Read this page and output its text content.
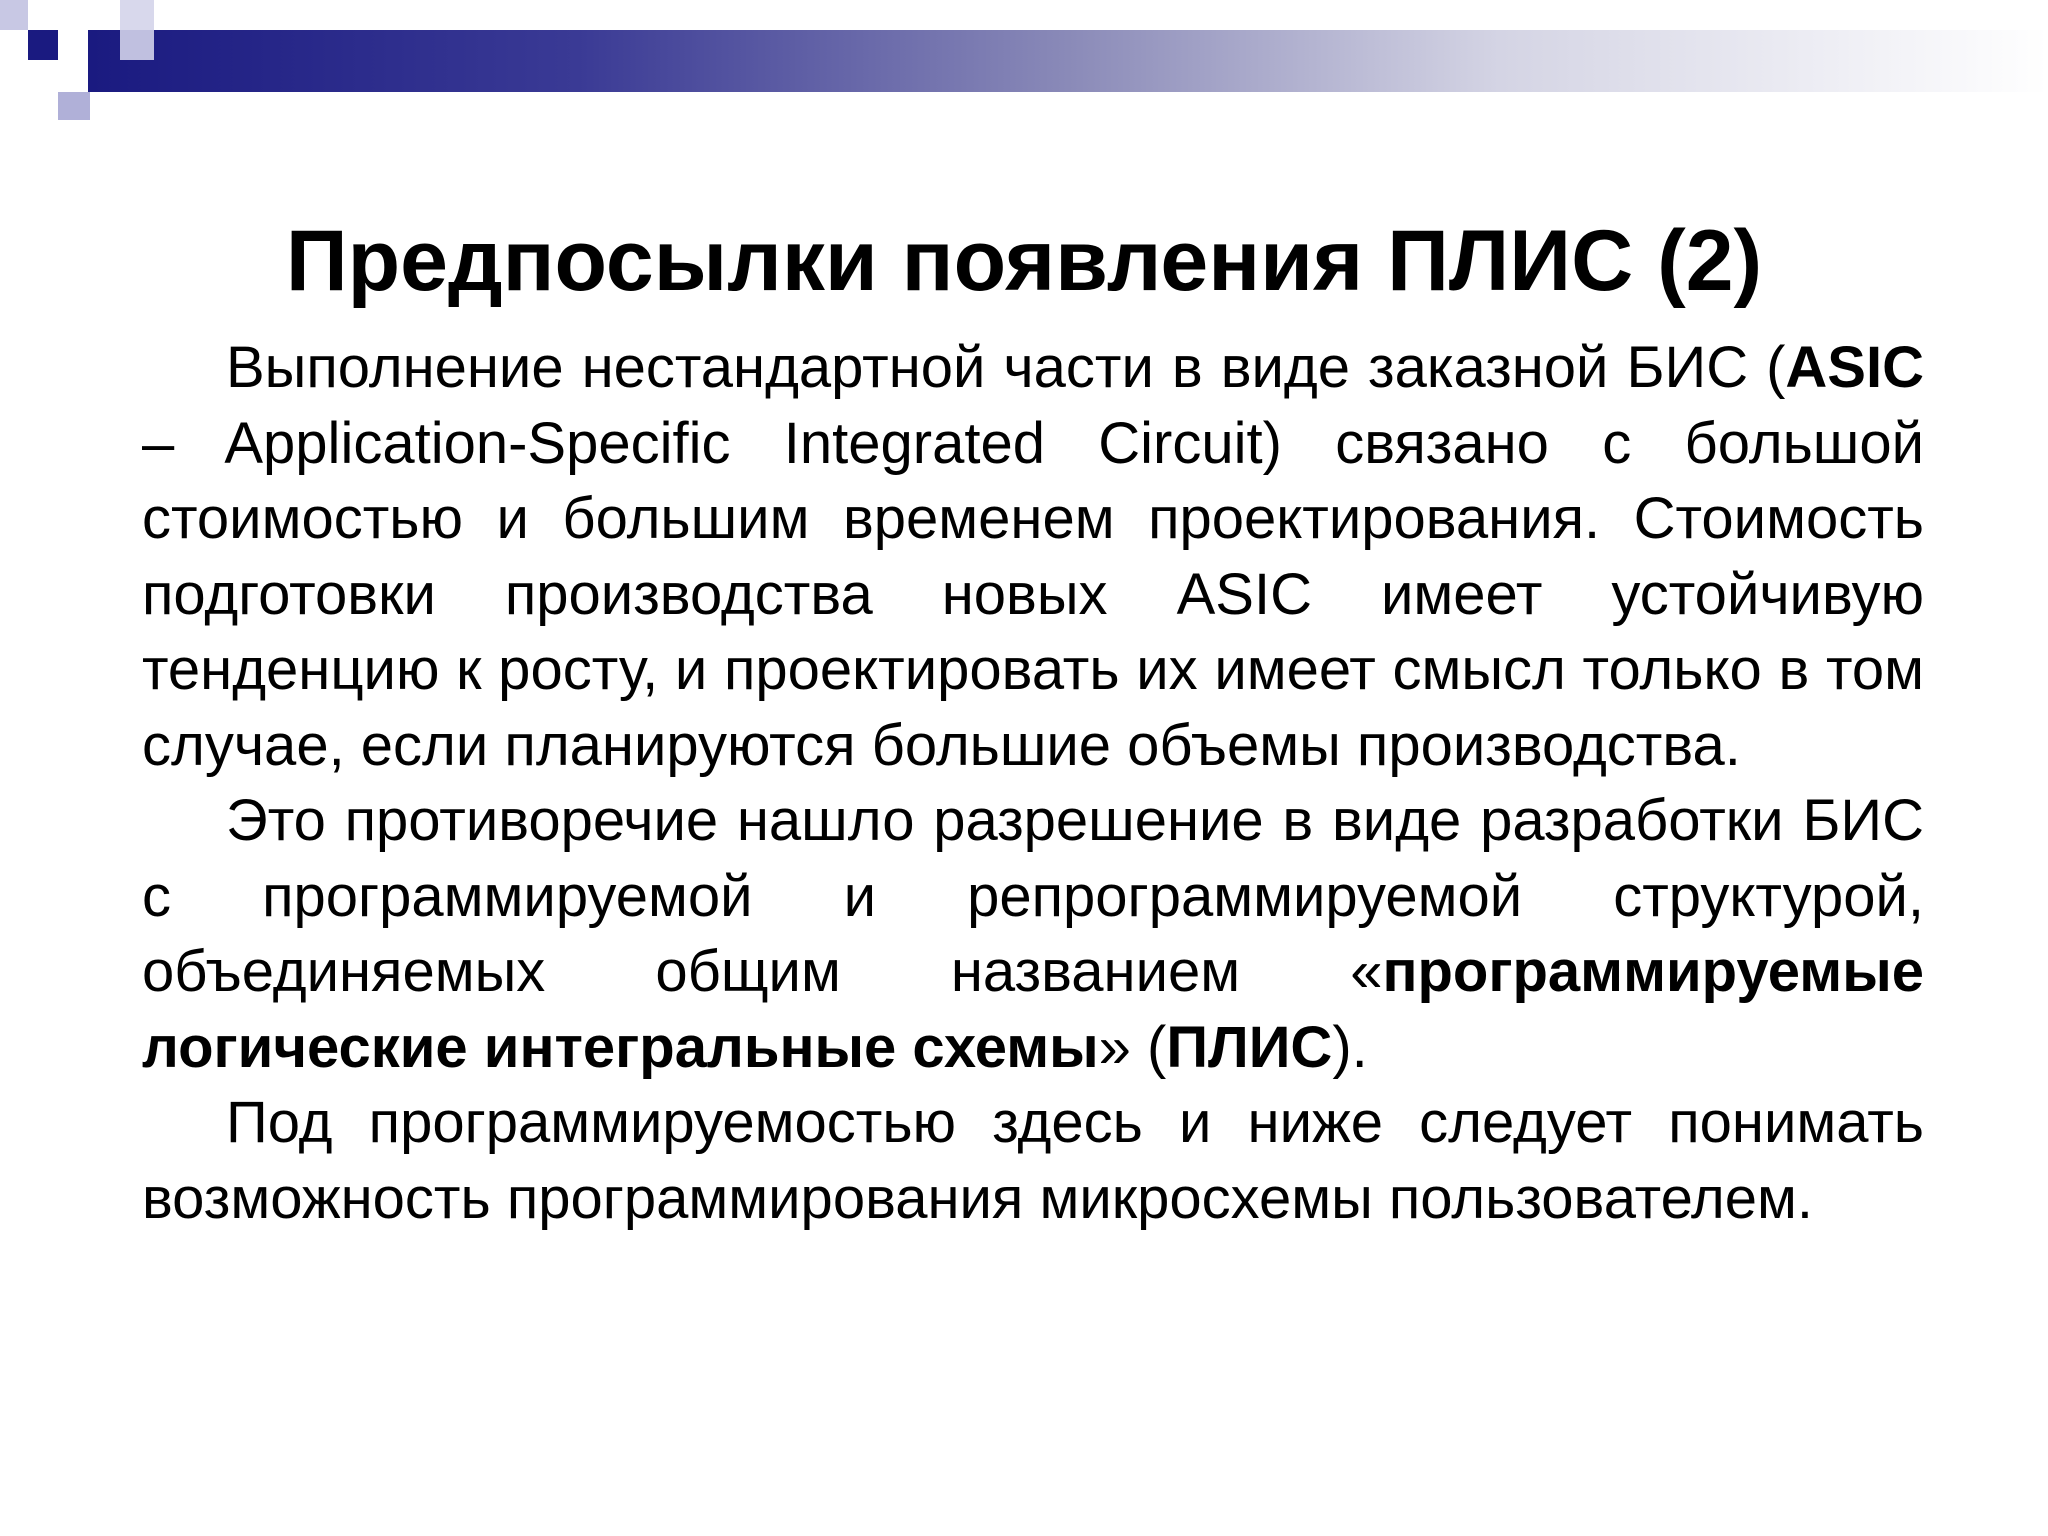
Предпосылки появления ПЛИС (2)

Выполнение нестандартной части в виде заказной БИС (ASIC – Application-Specific Integrated Circuit) связано с большой стоимостью и большим временем проектирования. Стоимость подготовки производства новых ASIC имеет устойчивую тенденцию к росту, и проектировать их имеет смысл только в том случае, если планируются большие объемы производства.

Это противоречие нашло разрешение в виде разработки БИС с программируемой и репрограммируемой структурой, объединяемых общим названием «программируемые логические интегральные схемы» (ПЛИС).

Под программируемостью здесь и ниже следует понимать возможность программирования микросхемы пользователем.
